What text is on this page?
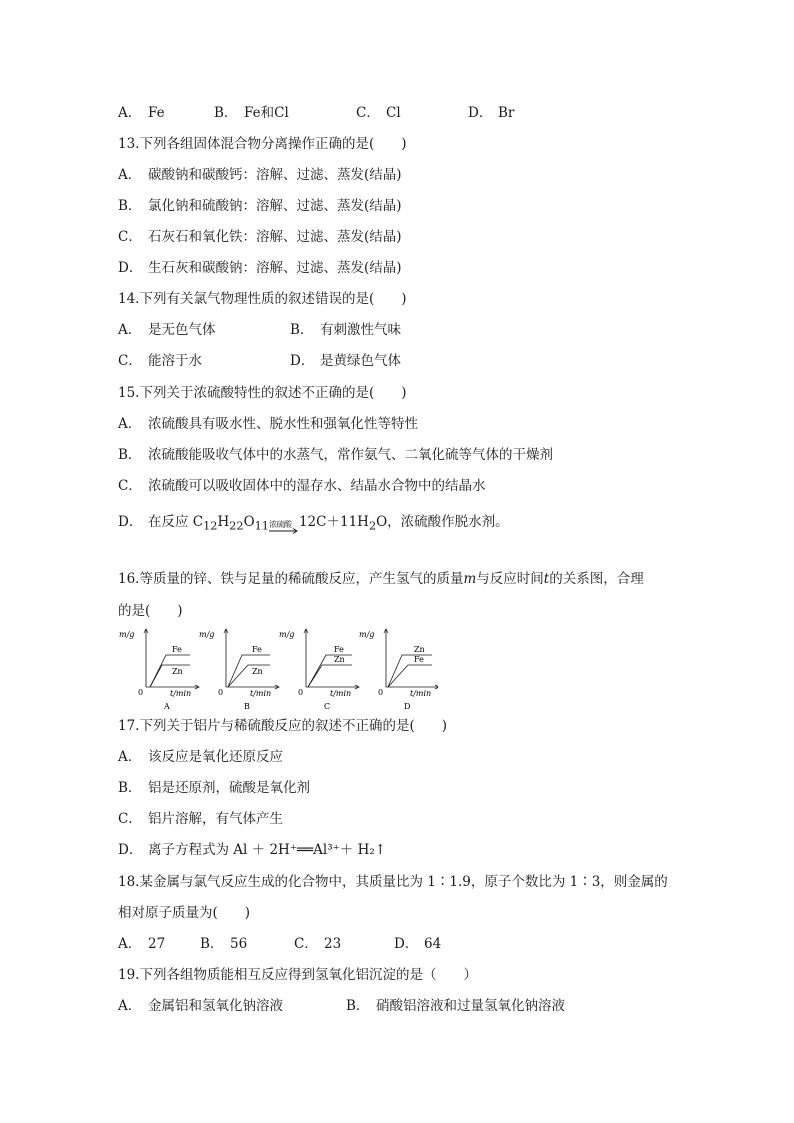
A． Fe	B． Fe和Cl	C． Cl	D． Br
13.下列各组固体混合物分离操作正确的是(　　)
A． 碳酸钠和碳酸钙：溶解、过滤、蒸发(结晶)
B． 氯化钠和硫酸钠：溶解、过滤、蒸发(结晶)
C． 石灰石和氧化铁：溶解、过滤、蒸发(结晶)
D． 生石灰和碳酸钠：溶解、过滤、蒸发(结晶)
14.下列有关氯气物理性质的叙述错误的是(　　)
A． 是无色气体	B． 有刺激性气味
C． 能溶于水	D． 是黄绿色气体
15.下列关于浓硫酸特性的叙述不正确的是(　　)
A． 浓硫酸具有吸水性、脱水性和强氧化性等特性
B． 浓硫酸能吸收气体中的水蒸气，常作氨气、二氧化硫等气体的干燥剂
C． 浓硫酸可以吸收固体中的湿存水、结晶水合物中的结晶水
D． 在反应 $C_{12}H_{22}O_{11}$ 浓硫酸 $12C+11H_2O$，浓硫酸作脱水剂。
16.等质量的锌、铁与足量的稀硫酸反应，产生氢气的质量m与反应时间t的关系图，合理
的是(　　)
m/g
t/min
0
Fe
Zn
A
m/g
t/min
0
Fe
Zn
B
m/g
t/min
0
Fe
Zn
C
m/g
t/min
0
Zn
Fe
D
17.下列关于铝片与稀硫酸反应的叙述不正确的是(　　)
A． 该反应是氧化还原反应
B． 铝是还原剂，硫酸是氧化剂
C． 铝片溶解，有气体产生
D． 离子方程式为 Al ＋ 2H⁺══Al³⁺＋ H₂↑
18.某金属与氯气反应生成的化合物中，其质量比为 1∶1.9，原子个数比为 1∶3，则金属的
相对原子质量为(　　)
A． 27	B． 56	C． 23	D． 64
19.下列各组物质能相互反应得到氢氧化铝沉淀的是（　　）
A． 金属铝和氢氧化钠溶液	B． 硝酸铝溶液和过量氢氧化钠溶液
